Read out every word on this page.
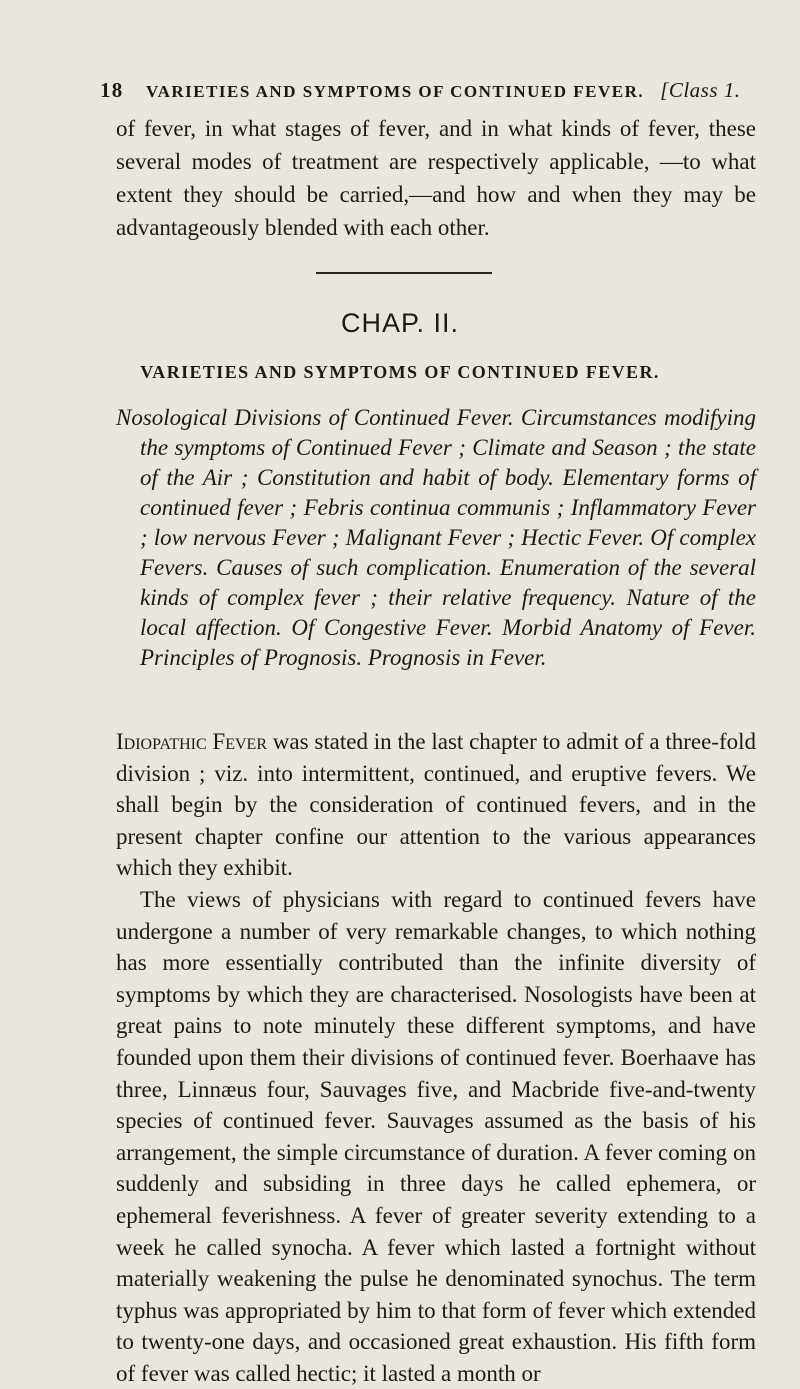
18 VARIETIES AND SYMPTOMS OF CONTINUED FEVER. [Class 1.
of fever, in what stages of fever, and in what kinds of fever, these several modes of treatment are respectively applicable, —to what extent they should be carried,—and how and when they may be advantageously blended with each other.
CHAP. II.
VARIETIES AND SYMPTOMS OF CONTINUED FEVER.
Nosological Divisions of Continued Fever. Circumstances modifying the symptoms of Continued Fever ; Climate and Season ; the state of the Air ; Constitution and habit of body. Elementary forms of continued fever ; Febris continua communis ; Inflammatory Fever ; low nervous Fever ; Malignant Fever ; Hectic Fever. Of complex Fevers. Causes of such complication. Enumeration of the several kinds of complex fever ; their relative frequency. Nature of the local affection. Of Congestive Fever. Morbid Anatomy of Fever. Principles of Prognosis. Prognosis in Fever.

Idiopathic Fever was stated in the last chapter to admit of a three-fold division ; viz. into intermittent, continued, and eruptive fevers. We shall begin by the consideration of continued fevers, and in the present chapter confine our attention to the various appearances which they exhibit.

The views of physicians with regard to continued fevers have undergone a number of very remarkable changes, to which nothing has more essentially contributed than the infinite diversity of symptoms by which they are characterised. Nosologists have been at great pains to note minutely these different symptoms, and have founded upon them their divisions of continued fever. Boerhaave has three, Linnæus four, Sauvages five, and Macbride five-and-twenty species of continued fever. Sauvages assumed as the basis of his arrangement, the simple circumstance of duration. A fever coming on suddenly and subsiding in three days he called ephemera, or ephemeral feverishness. A fever of greater severity extending to a week he called synocha. A fever which lasted a fortnight without materially weakening the pulse he denominated synochus. The term typhus was appropriated by him to that form of fever which extended to twenty-one days, and occasioned great exhaustion. His fifth form of fever was called hectic; it lasted a month or
